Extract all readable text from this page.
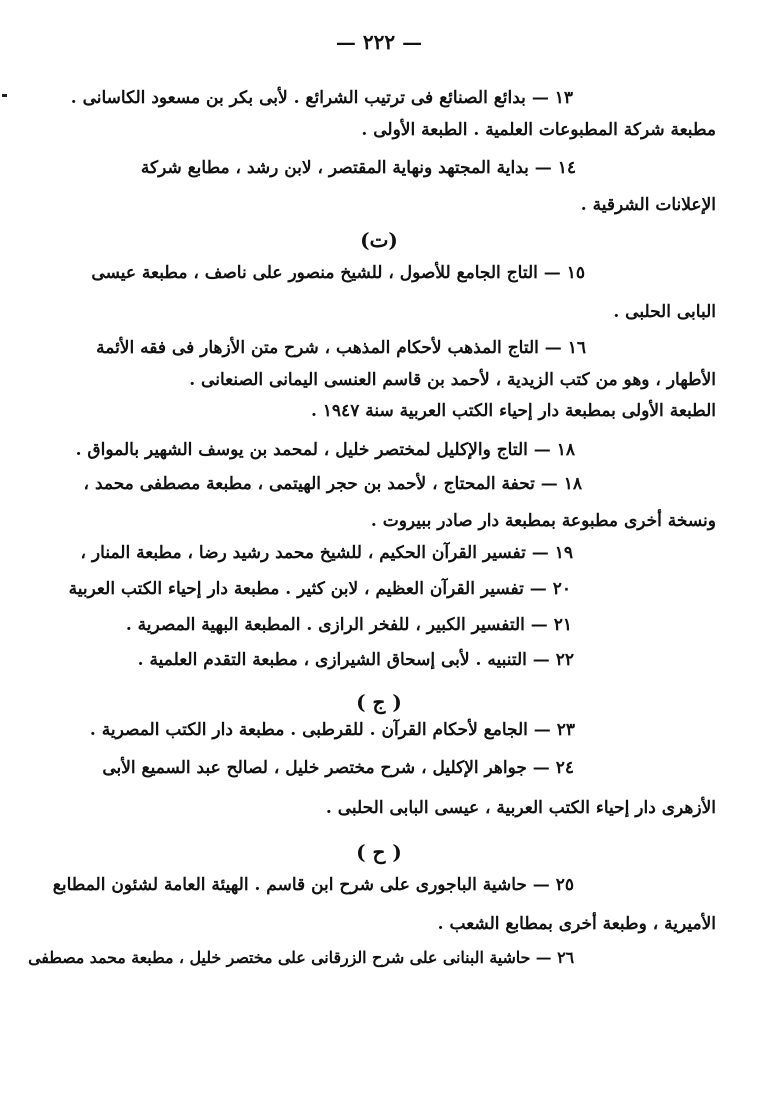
— ٢٢٢ —
١٣ — بدائع الصنائع فى ترتيب الشرائع . لأبى بكر بن مسعود الكاسانى .
مطبعة شركة المطبوعات العلمية . الطبعة الأولى .
١٤ — بداية المجتهد ونهاية المقتصر ، لابن رشد ، مطابع شركة
الإعلانات الشرقية .
(ت)
١٥ — التاج الجامع للأصول ، للشيخ منصور على ناصف ، مطبعة عيسى
البابى الحلبى .
١٦ — التاج المذهب لأحكام المذهب ، شرح متن الأزهار فى فقه الأئمة
الأطهار ، وهو من كتب الزيدية ، لأحمد بن قاسم العنسى اليمانى الصنعانى .
الطبعة الأولى بمطبعة دار إحياء الكتب العربية سنة ١٩٤٧ .
١٨ — التاج والإكليل لمختصر خليل ، لمحمد بن يوسف الشهير بالمواق .
١٨ — تحفة المحتاج ، لأحمد بن حجر الهيتمى ، مطبعة مصطفى محمد ،
ونسخة أخرى مطبوعة بمطبعة دار صادر ببيروت .
١٩ — تفسير القرآن الحكيم ، للشيخ محمد رشيد رضا ، مطبعة المنار ،
٢٠ — تفسير القرآن العظيم ، لابن كثير . مطبعة دار إحياء الكتب العربية
٢١ — التفسير الكبير ، للفخر الرازى . المطبعة البهية المصرية .
٢٢ — التنبيه . لأبى إسحاق الشيرازى ، مطبعة التقدم العلمية .
( ج )
٢٣ — الجامع لأحكام القرآن . للقرطبى . مطبعة دار الكتب المصرية .
٢٤ — جواهر الإكليل ، شرح مختصر خليل ، لصالح عبد السميع الأبى
الأزهرى دار إحياء الكتب العربية ، عيسى البابى الحلبى .
( ح )
٢٥ — حاشية الباجورى على شرح ابن قاسم . الهيئة العامة لشئون المطابع
الأميرية ، وطبعة أخرى بمطابع الشعب .
٢٦ — حاشية البنانى على شرح الزرقانى على مختصر خليل ، مطبعة محمد مصطفى
